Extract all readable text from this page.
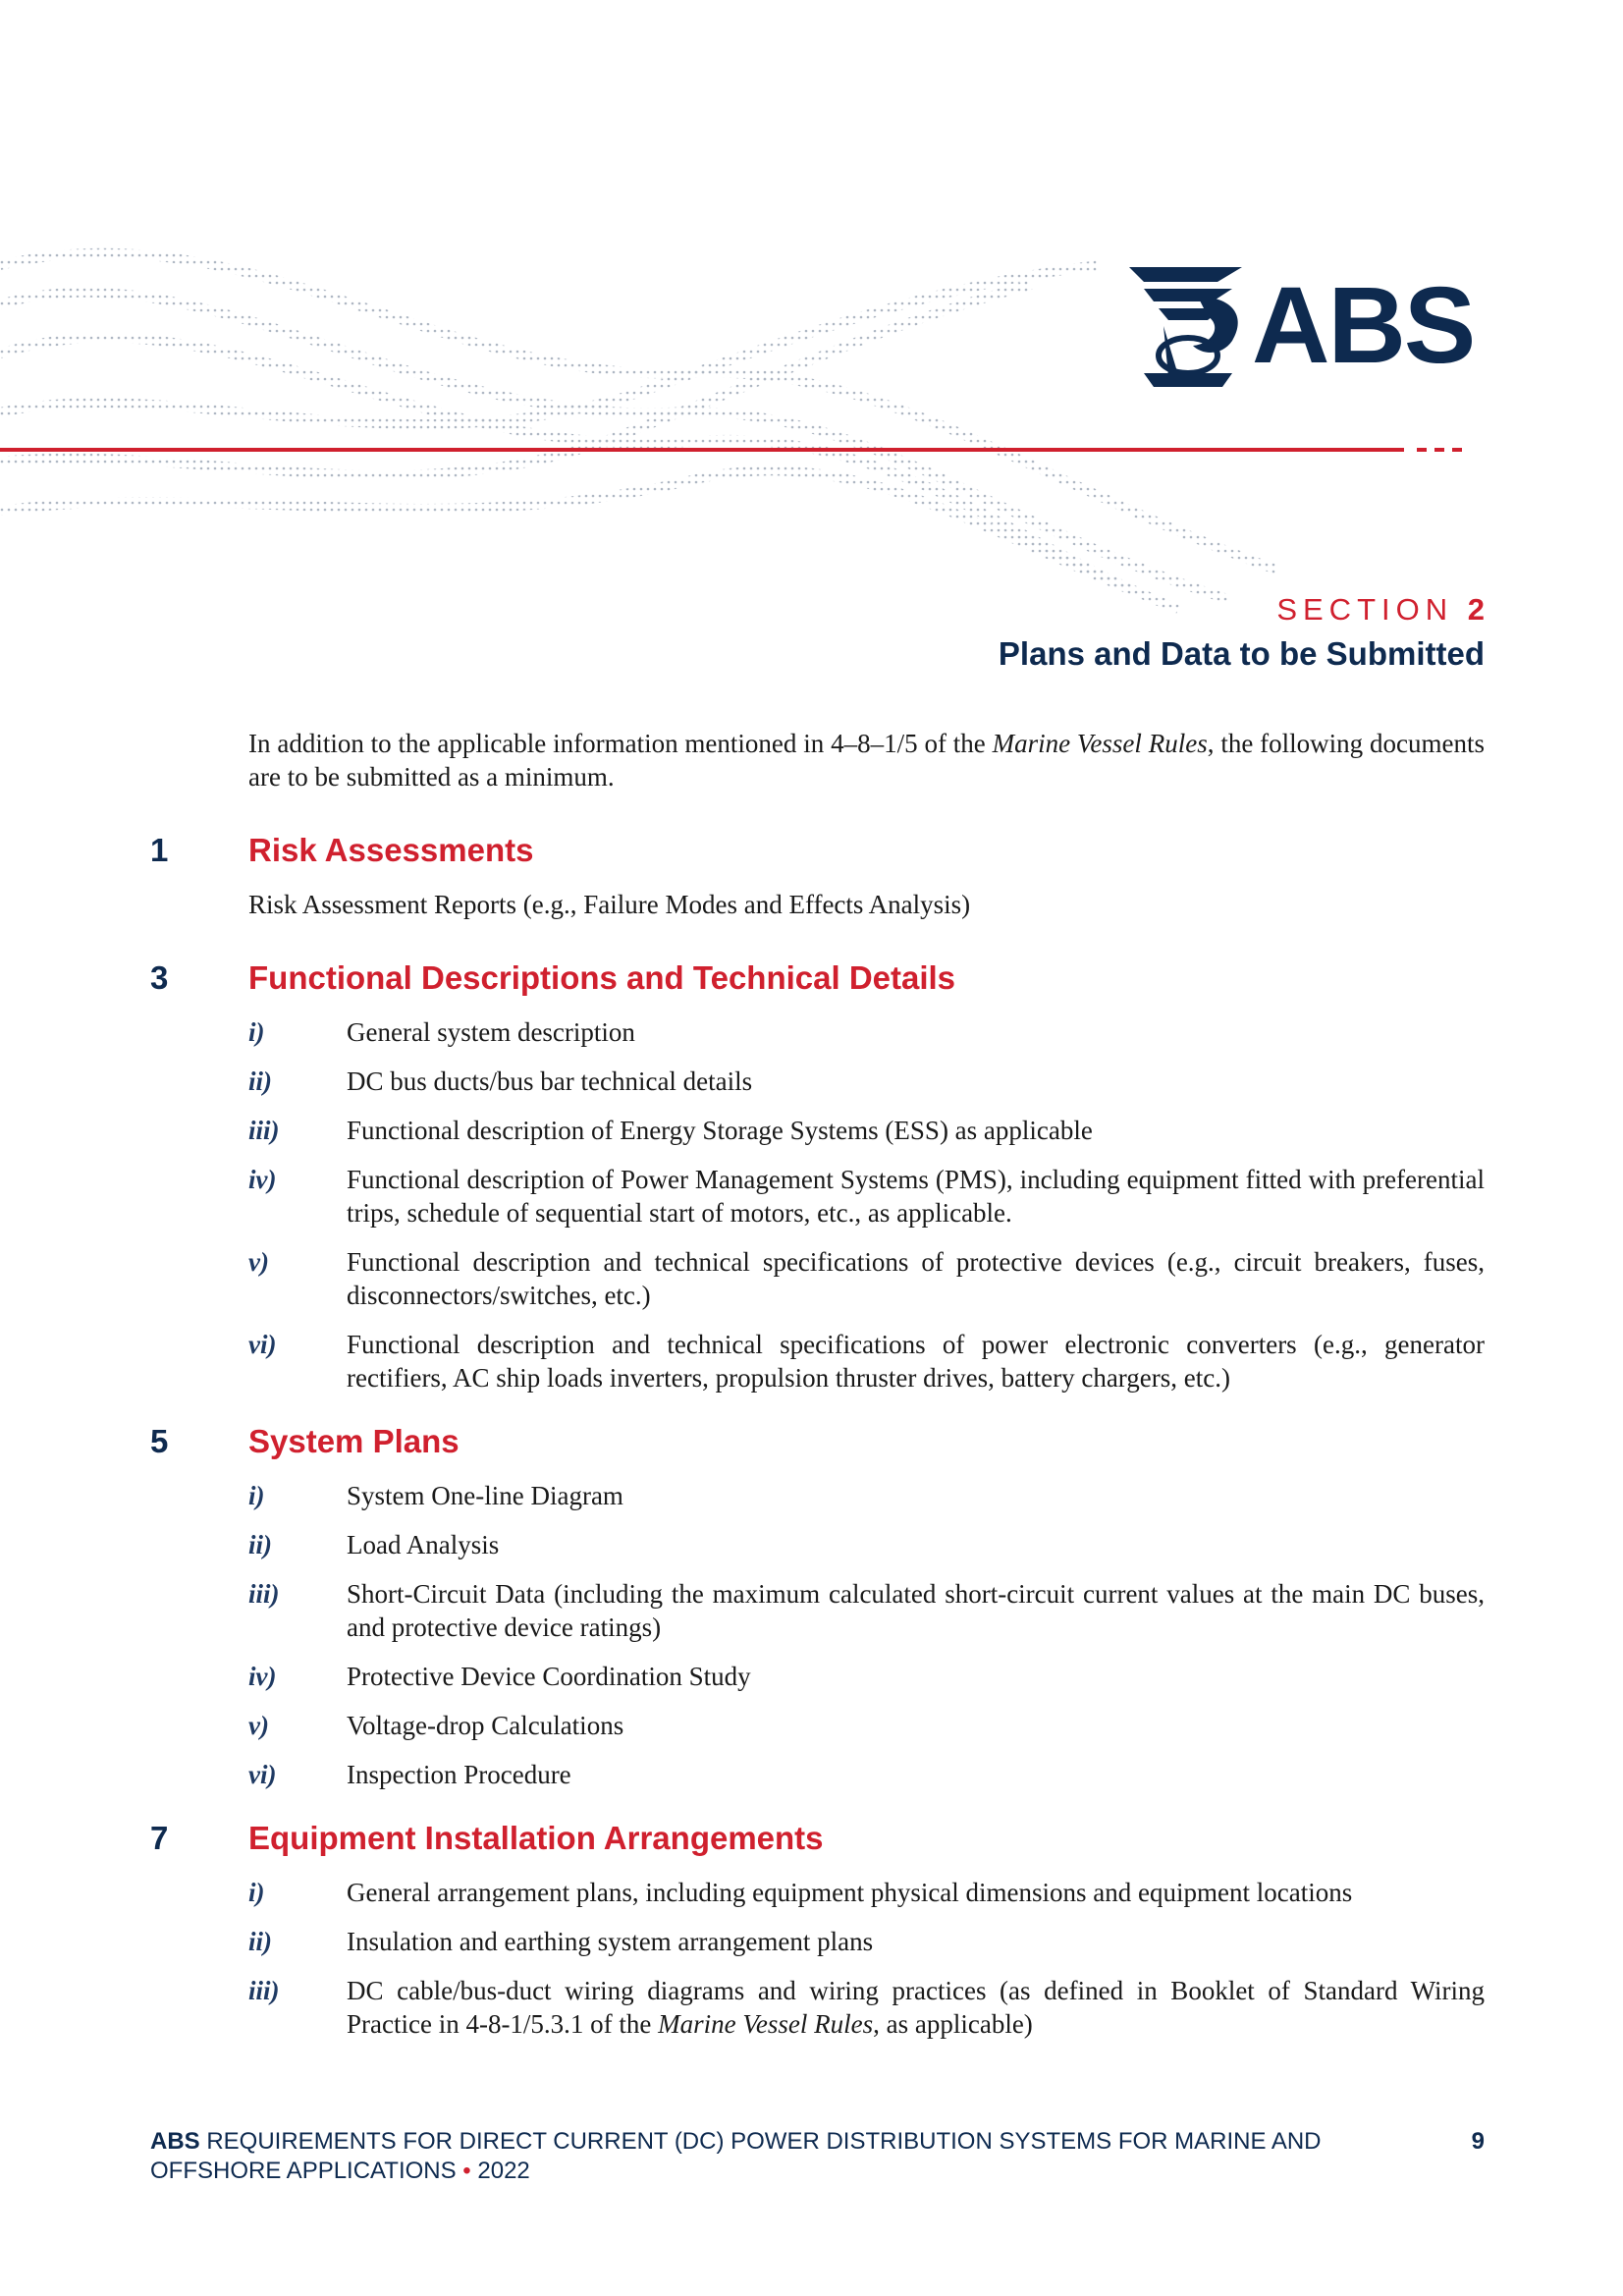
ABS
SECTION 2
Plans and Data to be Submitted
In addition to the applicable information mentioned in 4–8–1/5 of the Marine Vessel Rules, the following documents are to be submitted as a minimum.
1	Risk Assessments
Risk Assessment Reports (e.g., Failure Modes and Effects Analysis)
3	Functional Descriptions and Technical Details
i)	General system description
ii)	DC bus ducts/bus bar technical details
iii)	Functional description of Energy Storage Systems (ESS) as applicable
iv)	Functional description of Power Management Systems (PMS), including equipment fitted with preferential trips, schedule of sequential start of motors, etc., as applicable.
v)	Functional description and technical specifications of protective devices (e.g., circuit breakers, fuses, disconnectors/switches, etc.)
vi)	Functional description and technical specifications of power electronic converters (e.g., generator rectifiers, AC ship loads inverters, propulsion thruster drives, battery chargers, etc.)
5	System Plans
i)	System One-line Diagram
ii)	Load Analysis
iii)	Short-Circuit Data (including the maximum calculated short-circuit current values at the main DC buses, and protective device ratings)
iv)	Protective Device Coordination Study
v)	Voltage-drop Calculations
vi)	Inspection Procedure
7	Equipment Installation Arrangements
i)	General arrangement plans, including equipment physical dimensions and equipment locations
ii)	Insulation and earthing system arrangement plans
iii)	DC cable/bus-duct wiring diagrams and wiring practices (as defined in Booklet of Standard Wiring Practice in 4-8-1/5.3.1 of the Marine Vessel Rules, as applicable)
ABS REQUIREMENTS FOR DIRECT CURRENT (DC) POWER DISTRIBUTION SYSTEMS FOR MARINE AND OFFSHORE APPLICATIONS • 2022
9
